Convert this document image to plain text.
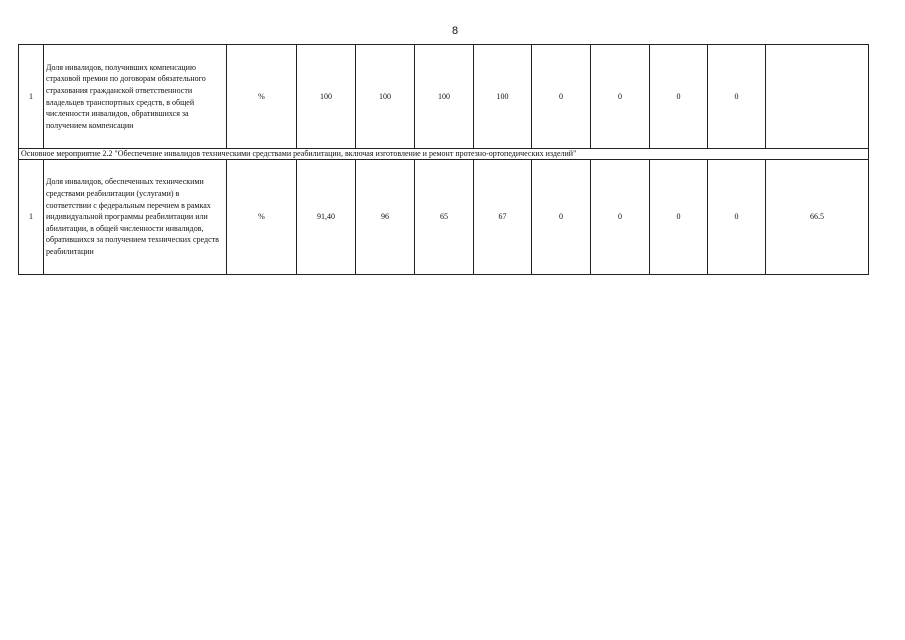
8
1	Доля инвалидов, получивших компенсацию страховой премии по договорам обязательного страхования гражданской ответственности владельцев транспортных средств, в общей численности инвалидов, обратившихся за получением компенсации	%	100	100	100	100	0	0	0	0	
Основное мероприятие 2.2 "Обеспечение инвалидов техническими средствами реабилитации, включая изготовление и ремонт протезно-ортопедических изделий"											
1	Доля инвалидов, обеспеченных техническими средствами реабилитации (услугами) в соответствии с федеральным перечнем в рамках индивидуальной программы реабилитации или абилитации, в общей численности инвалидов, обратившихся за получением технических средств реабилитации	%	91,40	96	65	67	0	0	0	0	66.5
